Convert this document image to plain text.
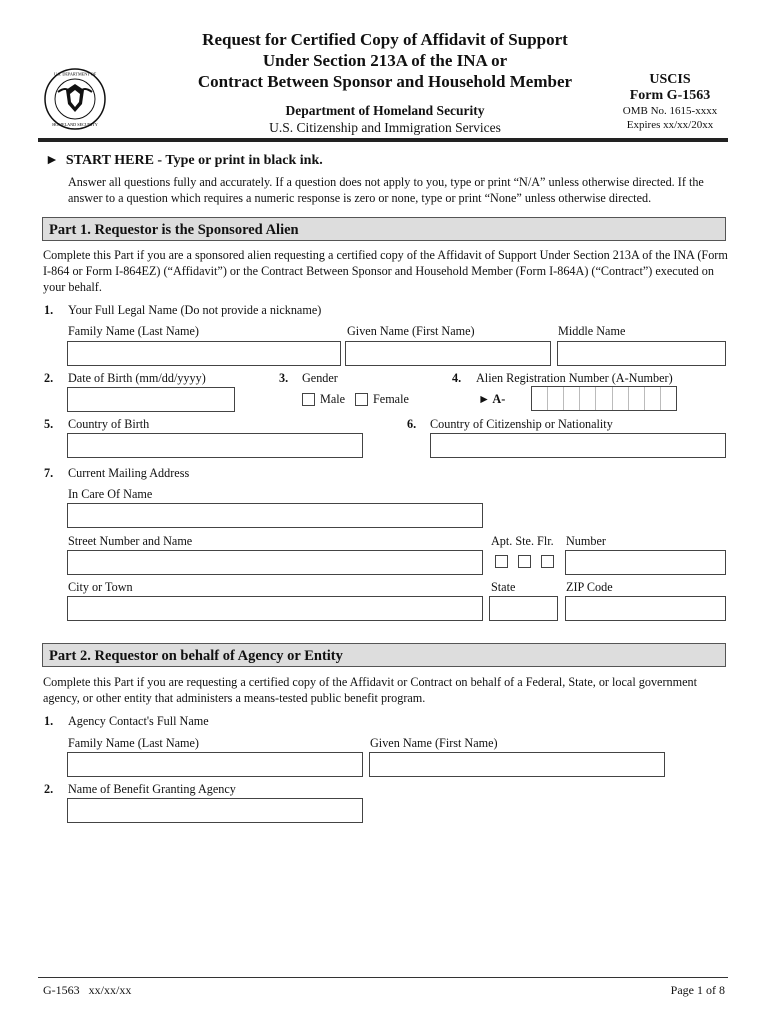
U.S. DEPARTMENT OF
HOMELAND SECURITY
Request for Certified Copy of Affidavit of Support
Under Section 213A of the INA or
Contract Between Sponsor and Household Member
Department of Homeland Security
U.S. Citizenship and Immigration Services
USCIS
Form G-1563
OMB No. 1615-xxxx
Expires xx/xx/20xx
► START HERE - Type or print in black ink.
Answer all questions fully and accurately. If a question does not apply to you, type or print “N/A” unless otherwise directed. If the answer to a question which requires a numeric response is zero or none, type or print “None” unless otherwise directed.
Part 1. Requestor is the Sponsored Alien
Complete this Part if you are a sponsored alien requesting a certified copy of the Affidavit of Support Under Section 213A of the INA (Form I-864 or Form I-864EZ) (“Affidavit”) or the Contract Between Sponsor and Household Member (Form I-864A) (“Contract”) executed on your behalf.
1. Your Full Legal Name (Do not provide a nickname)
Family Name (Last Name)	Given Name (First Name)	Middle Name
2. Date of Birth (mm/dd/yyyy)	3. Gender
Male Female
4. Alien Registration Number (A-Number)
► A-
5. Country of Birth	6. Country of Citizenship or Nationality
7. Current Mailing Address
In Care Of Name
Street Number and Name	Apt. Ste. Flr. Number
City or Town	State	ZIP Code
Part 2. Requestor on behalf of Agency or Entity
Complete this Part if you are requesting a certified copy of the Affidavit or Contract on behalf of a Federal, State, or local government agency, or other entity that administers a means-tested public benefit program.
1. Agency Contact's Full Name
Family Name (Last Name)	Given Name (First Name)
2. Name of Benefit Granting Agency
G-1563   xx/xx/xx	Page 1 of 8
